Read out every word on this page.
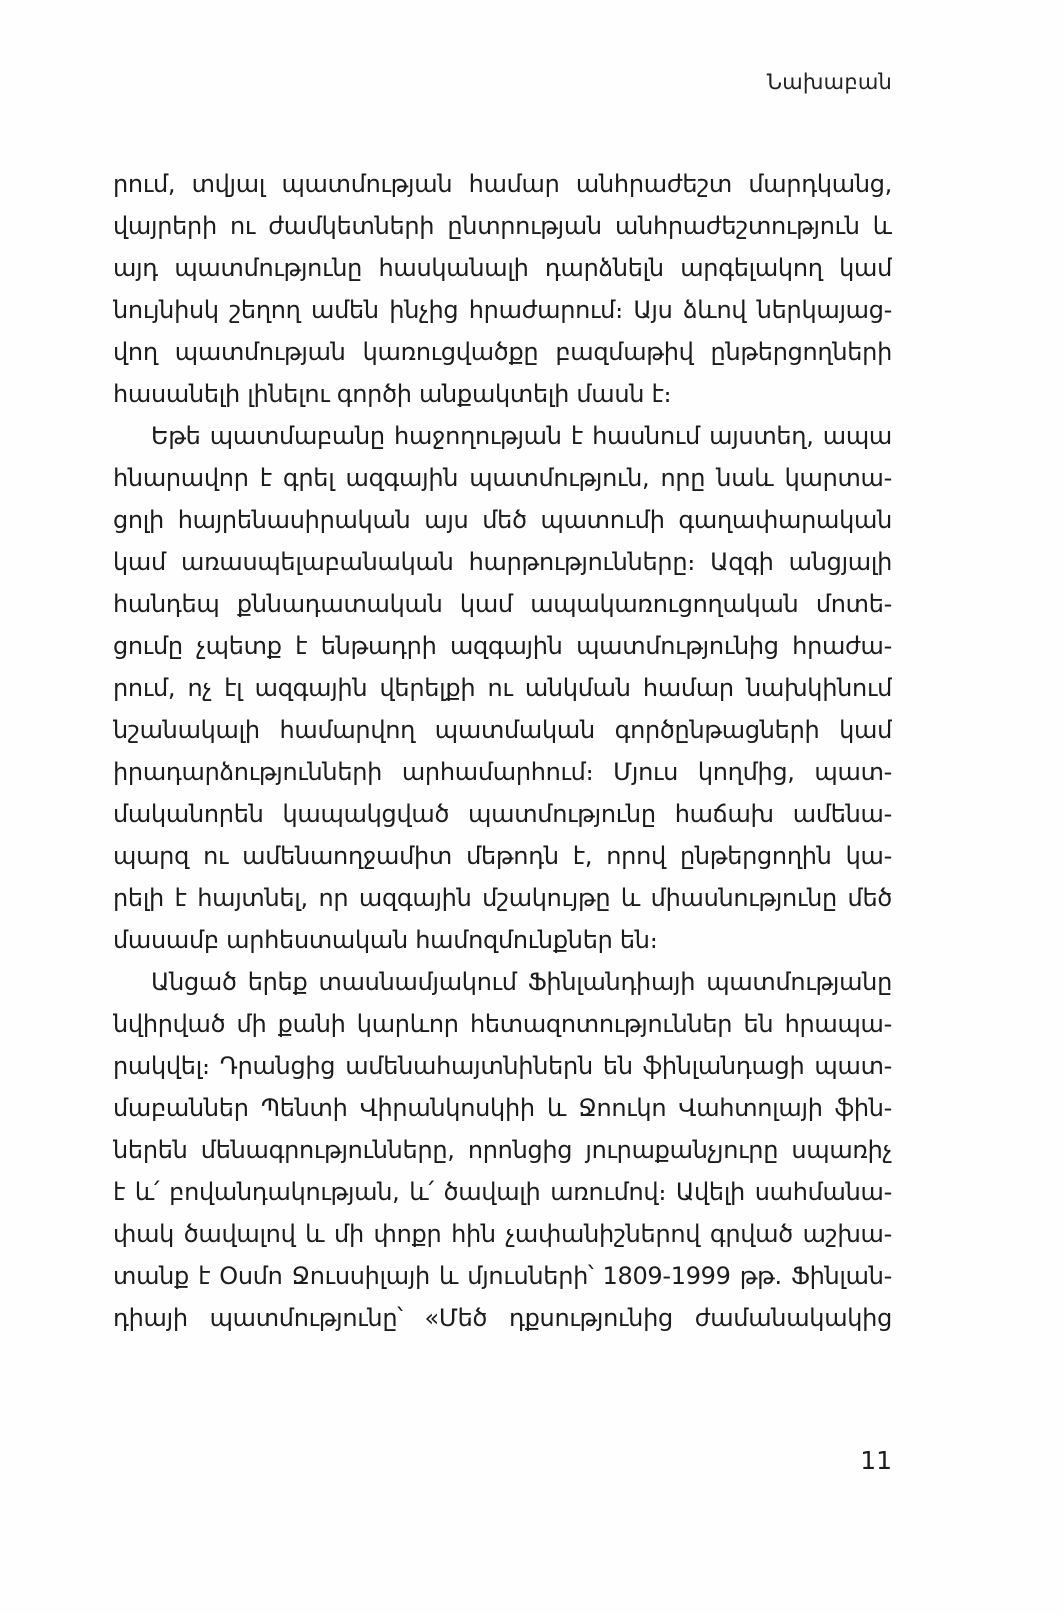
Նախաբան
րում, տվյալ պատմության համար անհրաժեշտ մարդկանց,
վայրերի ու ժամկետների ընտրության անհրաժեշտություն և
այդ պատմությունը հասկանալի դարձնելն արգելակող կամ
նույնիսկ շեղող ամեն ինչից հրաժարում։ Այս ձևով ներկայաց-
վող պատմության կառուցվածքը բազմաթիվ ընթերցողների
հասանելի լինելու գործի անքակտելի մասն է։
Եթե պատմաբանը հաջողության է հասնում այստեղ, ապա
հնարավոր է գրել ազգային պատմություն, որը նաև կարտա-
ցոլի հայրենասիրական այս մեծ պատումի գաղափարական
կամ առասպելաբանական հարթությունները։ Ազգի անցյալի
հանդեպ քննադատական կամ ապակառուցողական մոտե-
ցումը չպետք է ենթադրի ազգային պատմությունից հրաժա-
րում, ոչ էլ ազգային վերելքի ու անկման համար նախկինում
նշանակալի համարվող պատմական գործընթացների կամ
իրադարձությունների արհամարհում։ Մյուս կողմից, պատ-
մականորեն կապակցված պատմությունը հաճախ ամենա-
պարզ ու ամենաողջամիտ մեթոդն է, որով ընթերցողին կա-
րելի է հայտնել, որ ազգային մշակույթը և միասնությունը մեծ
մասամբ արհեստական համոզմունքներ են։
Անցած երեք տասնամյակում Ֆինլանդիայի պատմությանը
նվիրված մի քանի կարևոր հետազոտություններ են հրապա-
րակվել։ Դրանցից ամենահայտնիներն են ֆինլանդացի պատ-
մաբաններ Պենտի Վիրանկոսկիի և Ջոուկո Վահտոլայի ֆին-
ներեն մենագրությունները, որոնցից յուրաքանչյուրը սպառիչ
է և՛ բովանդակության, և՛ ծավալի առումով։ Ավելի սահմանա-
փակ ծավալով և մի փոքր հին չափանիշներով գրված աշխա-
տանք է Օսմո Ջուսսիլայի և մյուսների՝ 1809-1999 թթ. Ֆինլան-
դիայի պատմությունը՝ «Մեծ դքսությունից ժամանակակից
11
